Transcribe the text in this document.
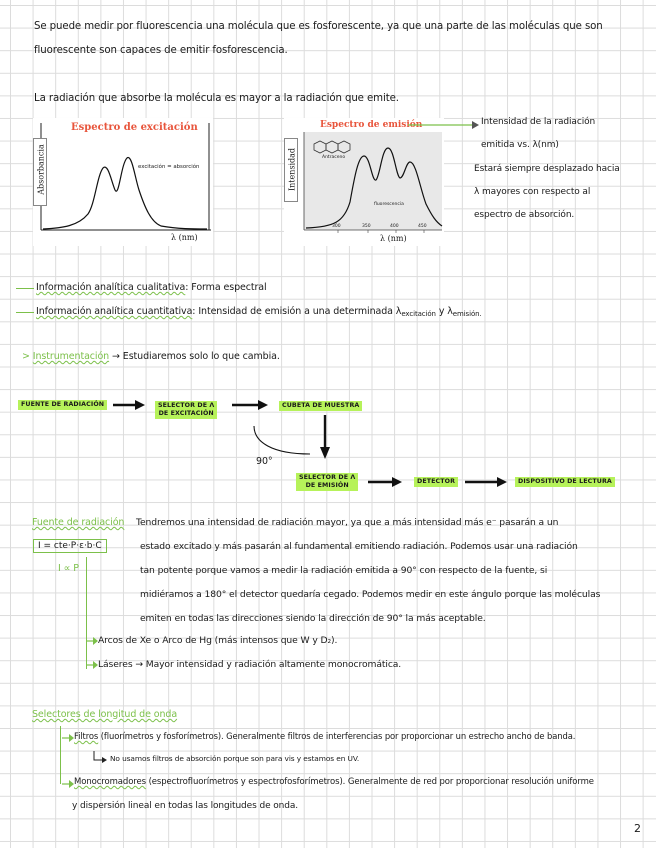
Se puede medir por fluorescencia una molécula que es fosforescente, ya que una parte de las moléculas que son
fluorescente son capaces de emitir fosforescencia.
La radiación que absorbe la molécula es mayor a la radiación que emite.
Espectro de excitación
Absorbancia	excitación = absorción
λ (nm)
Espectro de emisión
Intensidad	Antraceno
fluorescencia
300	350	400	450
λ (nm)
Intensidad de la radiación
emitida vs. λ(nm)
Estará siempre desplazado hacia
λ mayores con respecto al
espectro de absorción.
Información analítica cualitativa: Forma espectral
Información analítica cuantitativa: Intensidad de emisión a una determinada $\lambda_{excitación}$ y $\lambda_{emisión.}$
> Instrumentación → Estudiaremos solo lo que cambia.
FUENTE DE RADIACIÓN	SELECTOR DE Λ
DE EXCITACIÓN
CUBETA DE MUESTRA
90°
SELECTOR DE Λ
DE EMISIÓN
DETECTOR	DISPOSITIVO DE LECTURA
Fuente de radiación
I = cte·P·ε·b·C
I ∝ P
Tendremos una intensidad de radiación mayor, ya que a más intensidad más e⁻ pasarán a un
estado excitado y más pasarán al fundamental emitiendo radiación. Podemos usar una radiación
tan potente porque vamos a medir la radiación emitida a 90° con respecto de la fuente, si
midiéramos a 180° el detector quedaría cegado. Podemos medir en este ángulo porque las moléculas
emiten en todas las direcciones siendo la dirección de 90° la más aceptable.
Arcos de Xe o Arco de Hg (más intensos que W y D₂).
Láseres → Mayor intensidad y radiación altamente monocromática.
Selectores de longitud de onda
Filtros (fluorímetros y fosforímetros). Generalmente filtros de interferencias por proporcionar un estrecho ancho de banda.
No usamos filtros de absorción porque son para vis y estamos en UV.
Monocromadores (espectrofluorímetros y espectrofosforímetros). Generalmente de red por proporcionar resolución uniforme
y dispersión lineal en todas las longitudes de onda.
2
